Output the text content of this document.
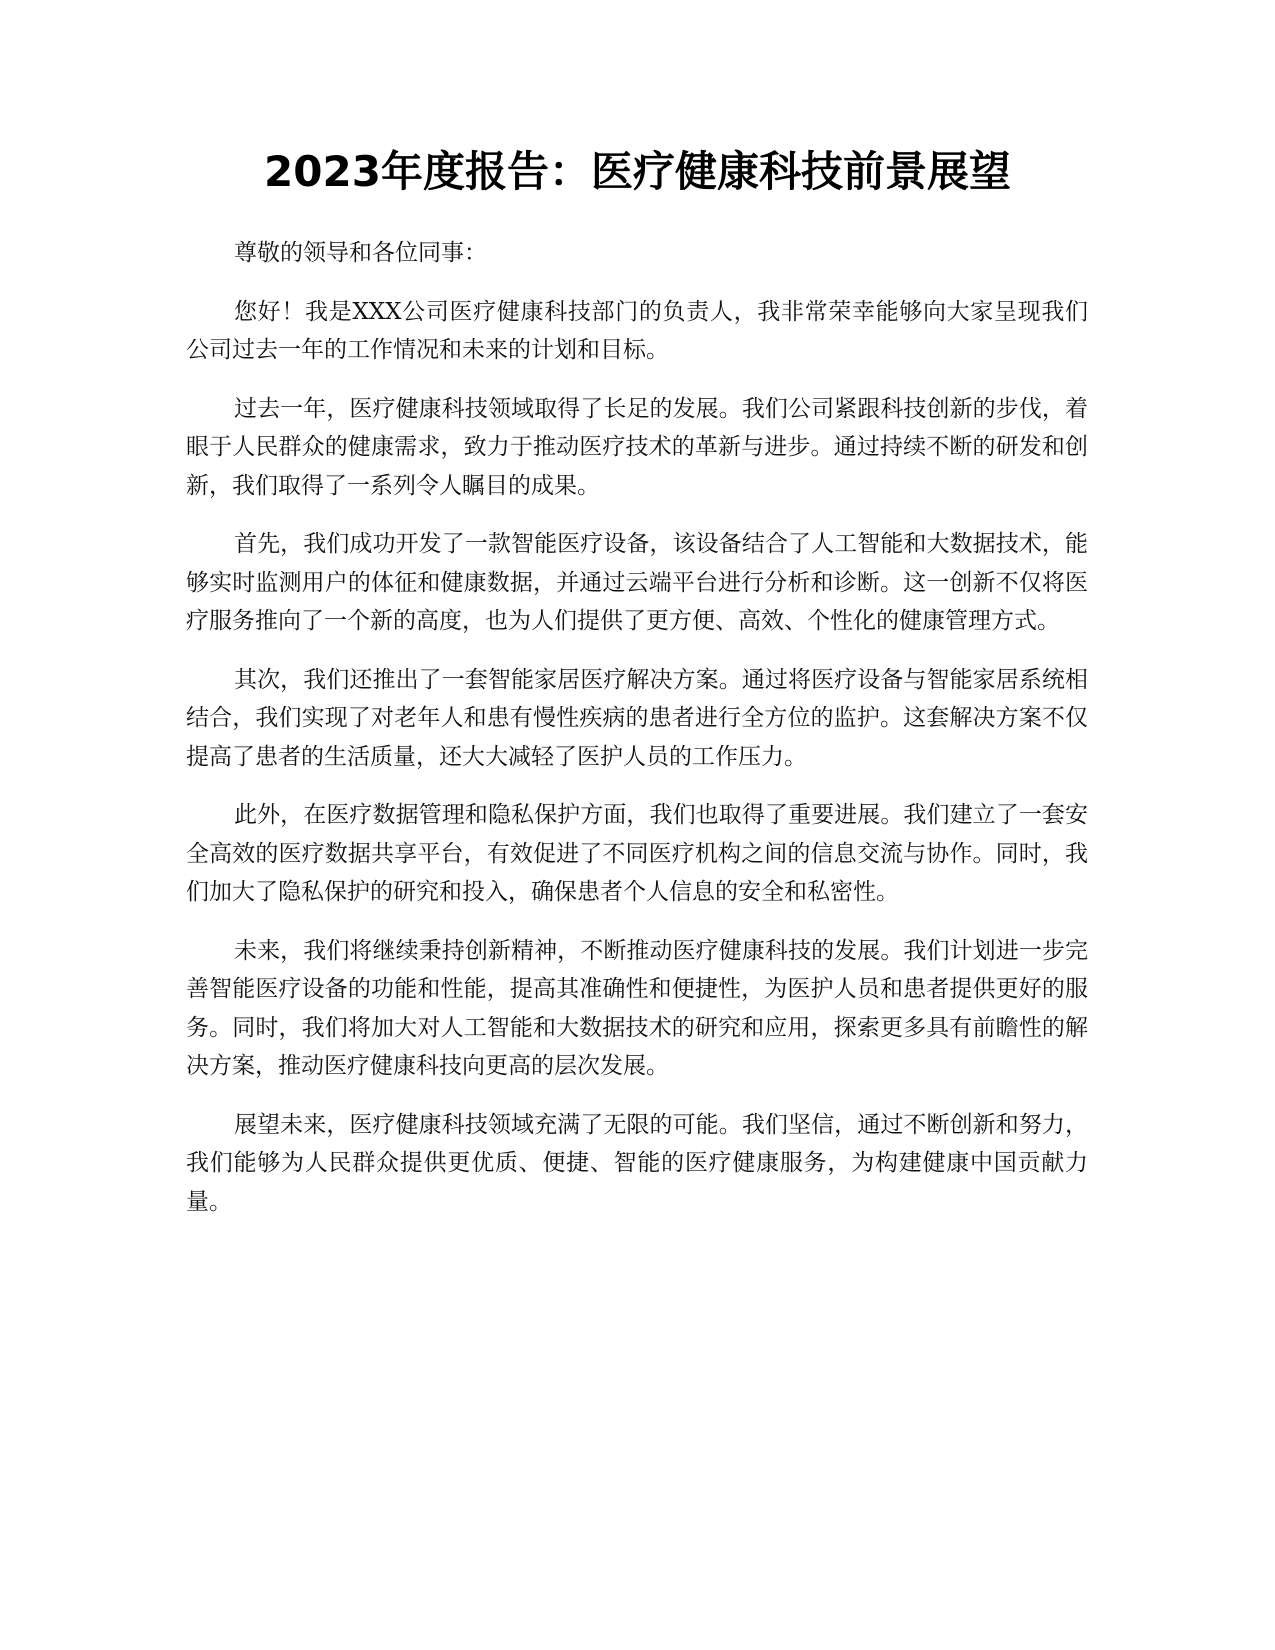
2023年度报告：医疗健康科技前景展望

尊敬的领导和各位同事：

您好！我是XXX公司医疗健康科技部门的负责人，我非常荣幸能够向大家呈现我们公司过去一年的工作情况和未来的计划和目标。

过去一年，医疗健康科技领域取得了长足的发展。我们公司紧跟科技创新的步伐，着眼于人民群众的健康需求，致力于推动医疗技术的革新与进步。通过持续不断的研发和创新，我们取得了一系列令人瞩目的成果。

首先，我们成功开发了一款智能医疗设备，该设备结合了人工智能和大数据技术，能够实时监测用户的体征和健康数据，并通过云端平台进行分析和诊断。这一创新不仅将医疗服务推向了一个新的高度，也为人们提供了更方便、高效、个性化的健康管理方式。

其次，我们还推出了一套智能家居医疗解决方案。通过将医疗设备与智能家居系统相结合，我们实现了对老年人和患有慢性疾病的患者进行全方位的监护。这套解决方案不仅提高了患者的生活质量，还大大减轻了医护人员的工作压力。

此外，在医疗数据管理和隐私保护方面，我们也取得了重要进展。我们建立了一套安全高效的医疗数据共享平台，有效促进了不同医疗机构之间的信息交流与协作。同时，我们加大了隐私保护的研究和投入，确保患者个人信息的安全和私密性。

未来，我们将继续秉持创新精神，不断推动医疗健康科技的发展。我们计划进一步完善智能医疗设备的功能和性能，提高其准确性和便捷性，为医护人员和患者提供更好的服务。同时，我们将加大对人工智能和大数据技术的研究和应用，探索更多具有前瞻性的解决方案，推动医疗健康科技向更高的层次发展。

展望未来，医疗健康科技领域充满了无限的可能。我们坚信，通过不断创新和努力，我们能够为人民群众提供更优质、便捷、智能的医疗健康服务，为构建健康中国贡献力量。
